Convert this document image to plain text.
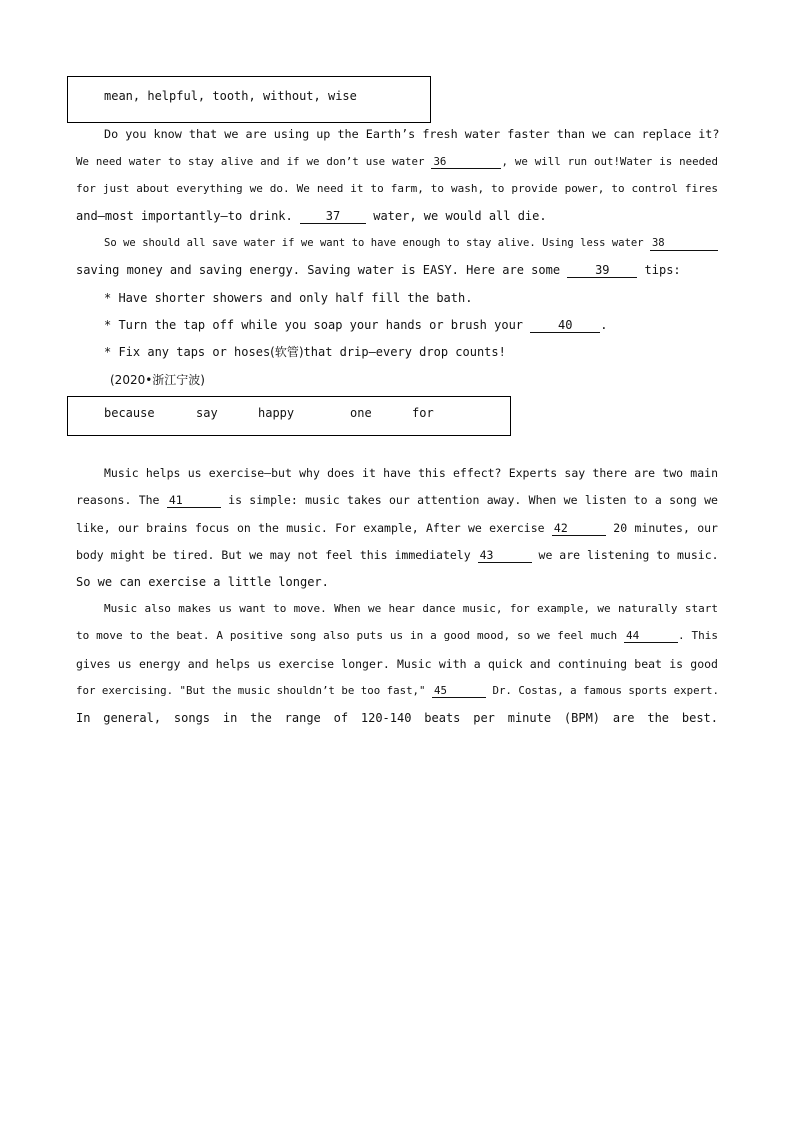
mean, helpful, tooth, without, wise
Do you know that we are using up the Earth’s fresh water faster than we can replace it?
We need water to stay alive and if we don’t use water 36	, we will run out!Water is needed
for just about everything we do. We need it to farm, to wash, to provide power, to control fires
and—most importantly—to drink.	37	water, we would all die.
So we should all save water if we want to have enough to stay alive. Using less water 38
saving money and saving energy. Saving water is EASY. Here are some	39	tips:
* Have shorter showers and only half fill the bath.
* Turn the tap off while you soap your hands or brush your	40 .
* Fix any taps or hoses(软管)that drip—every drop counts!
(2020•浙江宁波)
because	say	happy	one	for
Music helps us exercise—but why does it have this effect? Experts say there are two main
reasons. The 41	is simple: music takes our attention away. When we listen to a song we
like, our brains focus on the music. For example, After we exercise 42	20 minutes, our
body might be tired. But we may not feel this immediately 43	we are listening to music.
So we can exercise a little longer.
Music also makes us want to move. When we hear dance music, for example, we naturally start
to move to the beat. A positive song also puts us in a good mood, so we feel much 44	. This
gives us energy and helps us exercise longer. Music with a quick and continuing beat is good
for exercising. "But the music shouldn’t be too fast," 45	Dr. Costas, a famous sports expert.
In general, songs in the range of 120-140 beats per minute (BPM) are the best.
